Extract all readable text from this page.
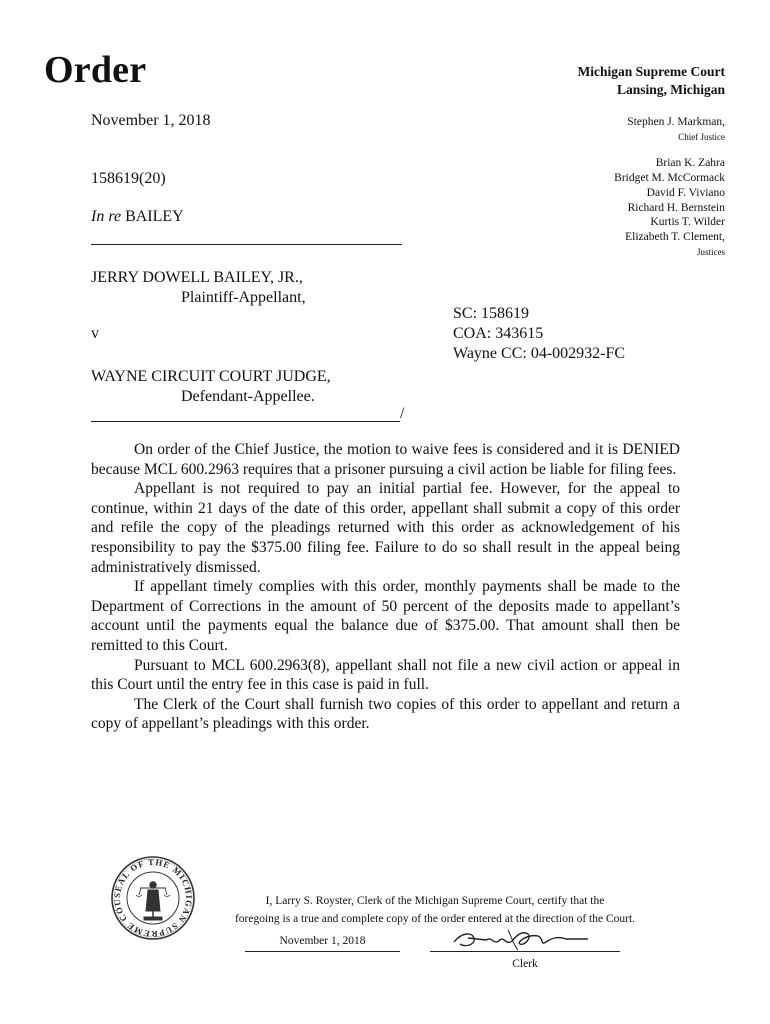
Order	Michigan Supreme Court
Lansing, Michigan
November 1, 2018	Stephen J. Markman,
Chief Justice
Brian K. Zahra
Bridget M. McCormack
David F. Viviano
Richard H. Bernstein
Kurtis T. Wilder
Elizabeth T. Clement,
Justices
158619(20)
In re BAILEY
JERRY DOWELL BAILEY, JR.,
Plaintiff-Appellant,
v
WAYNE CIRCUIT COURT JUDGE,
Defendant-Appellee.
/
SC: 158619
COA: 343615
Wayne CC: 04-002932-FC

On order of the Chief Justice, the motion to waive fees is considered and it is DENIED because MCL 600.2963 requires that a prisoner pursuing a civil action be liable for filing fees.

Appellant is not required to pay an initial partial fee. However, for the appeal to continue, within 21 days of the date of this order, appellant shall submit a copy of this order and refile the copy of the pleadings returned with this order as acknowledgement of his responsibility to pay the $375.00 filing fee. Failure to do so shall result in the appeal being administratively dismissed.

If appellant timely complies with this order, monthly payments shall be made to the Department of Corrections in the amount of 50 percent of the deposits made to appellant’s account until the payments equal the balance due of $375.00. That amount shall then be remitted to this Court.

Pursuant to MCL 600.2963(8), appellant shall not file a new civil action or appeal in this Court until the entry fee in this case is paid in full.

The Clerk of the Court shall furnish two copies of this order to appellant and return a copy of appellant’s pleadings with this order.

SEAL OF THE MICHIGAN SUPREME COU	I, Larry S. Royster, Clerk of the Michigan Supreme Court, certify that the
foregoing is a true and complete copy of the order entered at the direction of the Court.
November 1, 2018
Clerk
